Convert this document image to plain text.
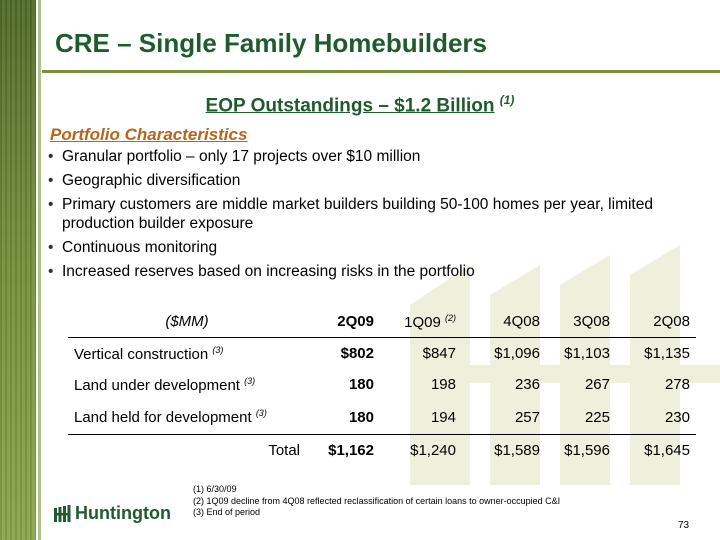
CRE – Single Family Homebuilders
EOP Outstandings – $1.2 Billion $^{(1)}$
Portfolio Characteristics
• Granular portfolio – only 17 projects over $10 million
• Geographic diversification
• Primary customers are middle market builders building 50-100 homes per year, limited production builder exposure
• Continuous monitoring
• Increased reserves based on increasing risks in the portfolio
($MM)	2Q09	1Q09 $^{(2)}$	4Q08	3Q08	2Q08
Vertical construction $^{(3)}$	$802	$847	$1,096	$1,103	$1,135
Land under development $^{(3)}$	180	198	236	267	278
Land held for development $^{(3)}$	180	194	257	225	230
Total	$1,162	$1,240	$1,589	$1,596	$1,645
(1) 6/30/09
(2) 1Q09 decline from 4Q08 reflected reclassification of certain loans to owner-occupied C&I
(3) End of period
Huntington
73
